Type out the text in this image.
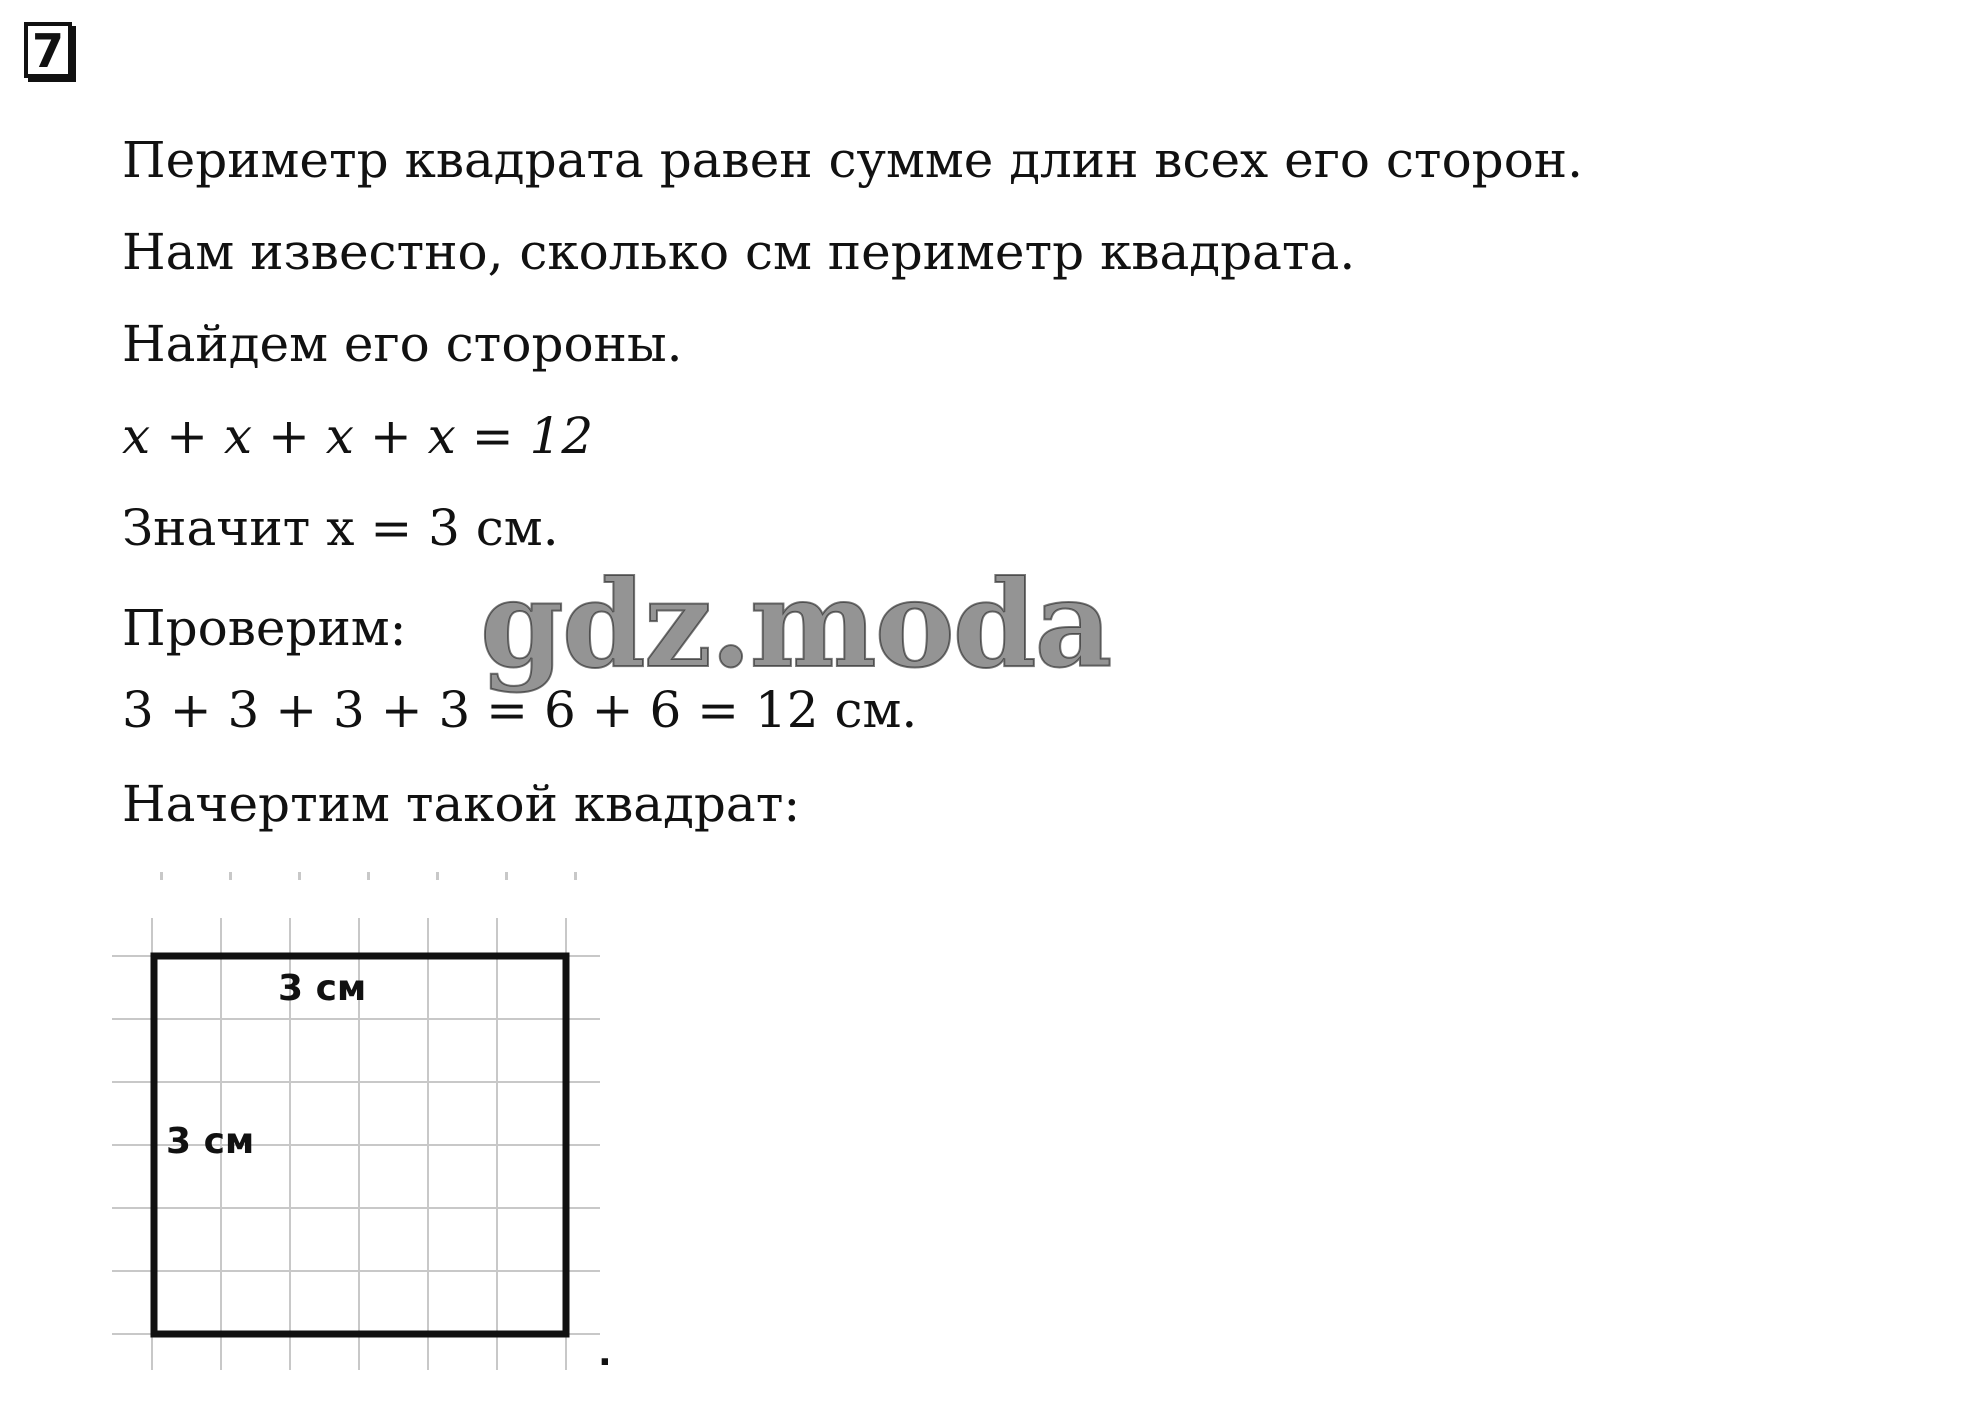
7
Периметр квадрата равен сумме длин всех его сторон.
Нам известно, сколько см периметр квадрата.
Найдем его стороны.
x + x + x + x = 12
Значит x = 3 см.
Проверим:
3 + 3 + 3 + 3 = 6 + 6 = 12 см.
Начертим такой квадрат:
gdz.moda
3 см
3 см
.
